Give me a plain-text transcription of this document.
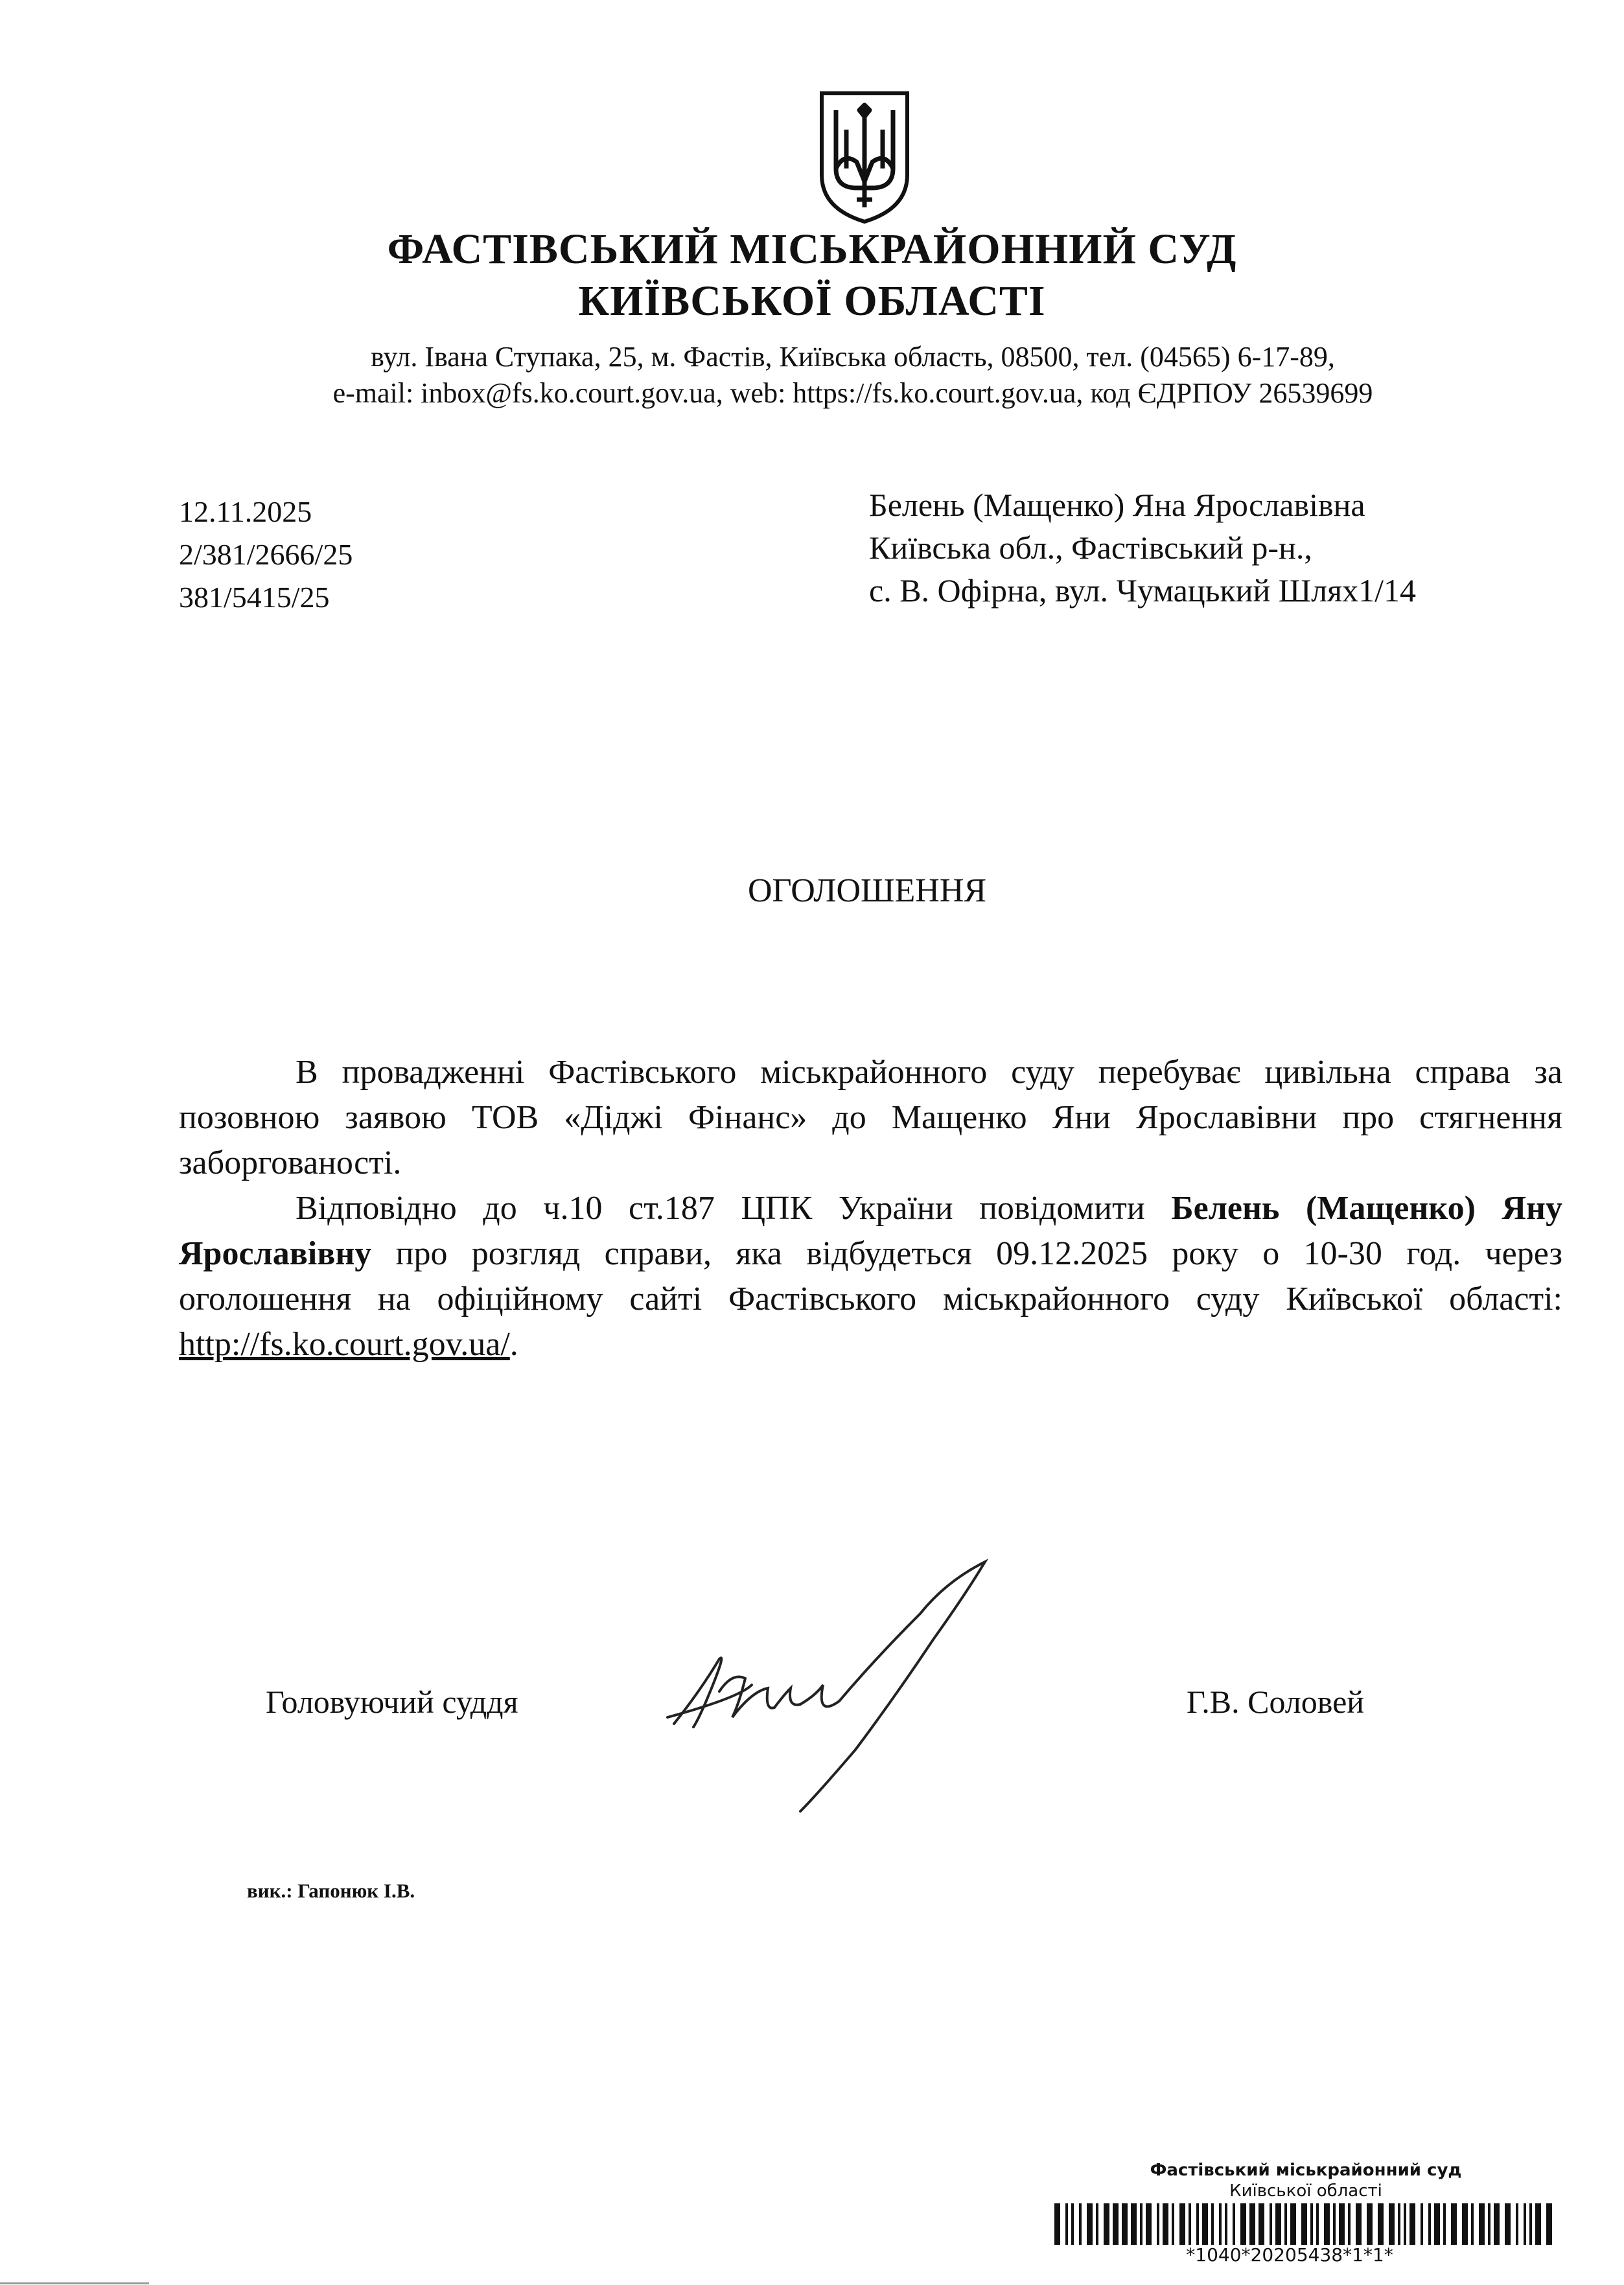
ФАСТІВСЬКИЙ МІСЬКРАЙОННИЙ СУД
КИЇВСЬКОЇ ОБЛАСТІ
вул. Івана Ступака, 25, м. Фастів, Київська область, 08500, тел. (04565) 6-17-89,
e-mail: inbox@fs.ko.court.gov.ua, web: https://fs.ko.court.gov.ua, код ЄДРПОУ 26539699
12.11.2025
2/381/2666/25
381/5415/25
Белень (Мащенко) Яна Ярославівна
Київська обл., Фастівський р-н.,
с. В. Офірна, вул. Чумацький Шлях1/14
ОГОЛОШЕННЯ

В провадженні Фастівського міськрайонного суду перебуває цивільна справа за позовною заявою ТОВ «Діджі Фінанс» до Мащенко Яни Ярославівни про стягнення заборгованості.

Відповідно до ч.10 ст.187 ЦПК України повідомити Белень (Мащенко) Яну Ярославівну про розгляд справи, яка відбудеться 09.12.2025 року о 10-30 год. через оголошення на офіційному сайті Фастівського міськрайонного суду Київської області: http://fs.ko.court.gov.ua/.

Головуючий суддя	Г.В. Соловей
вик.: Гапонюк І.В.
Фастівський міськрайонний суд
Київської області
*1040*20205438*1*1*
